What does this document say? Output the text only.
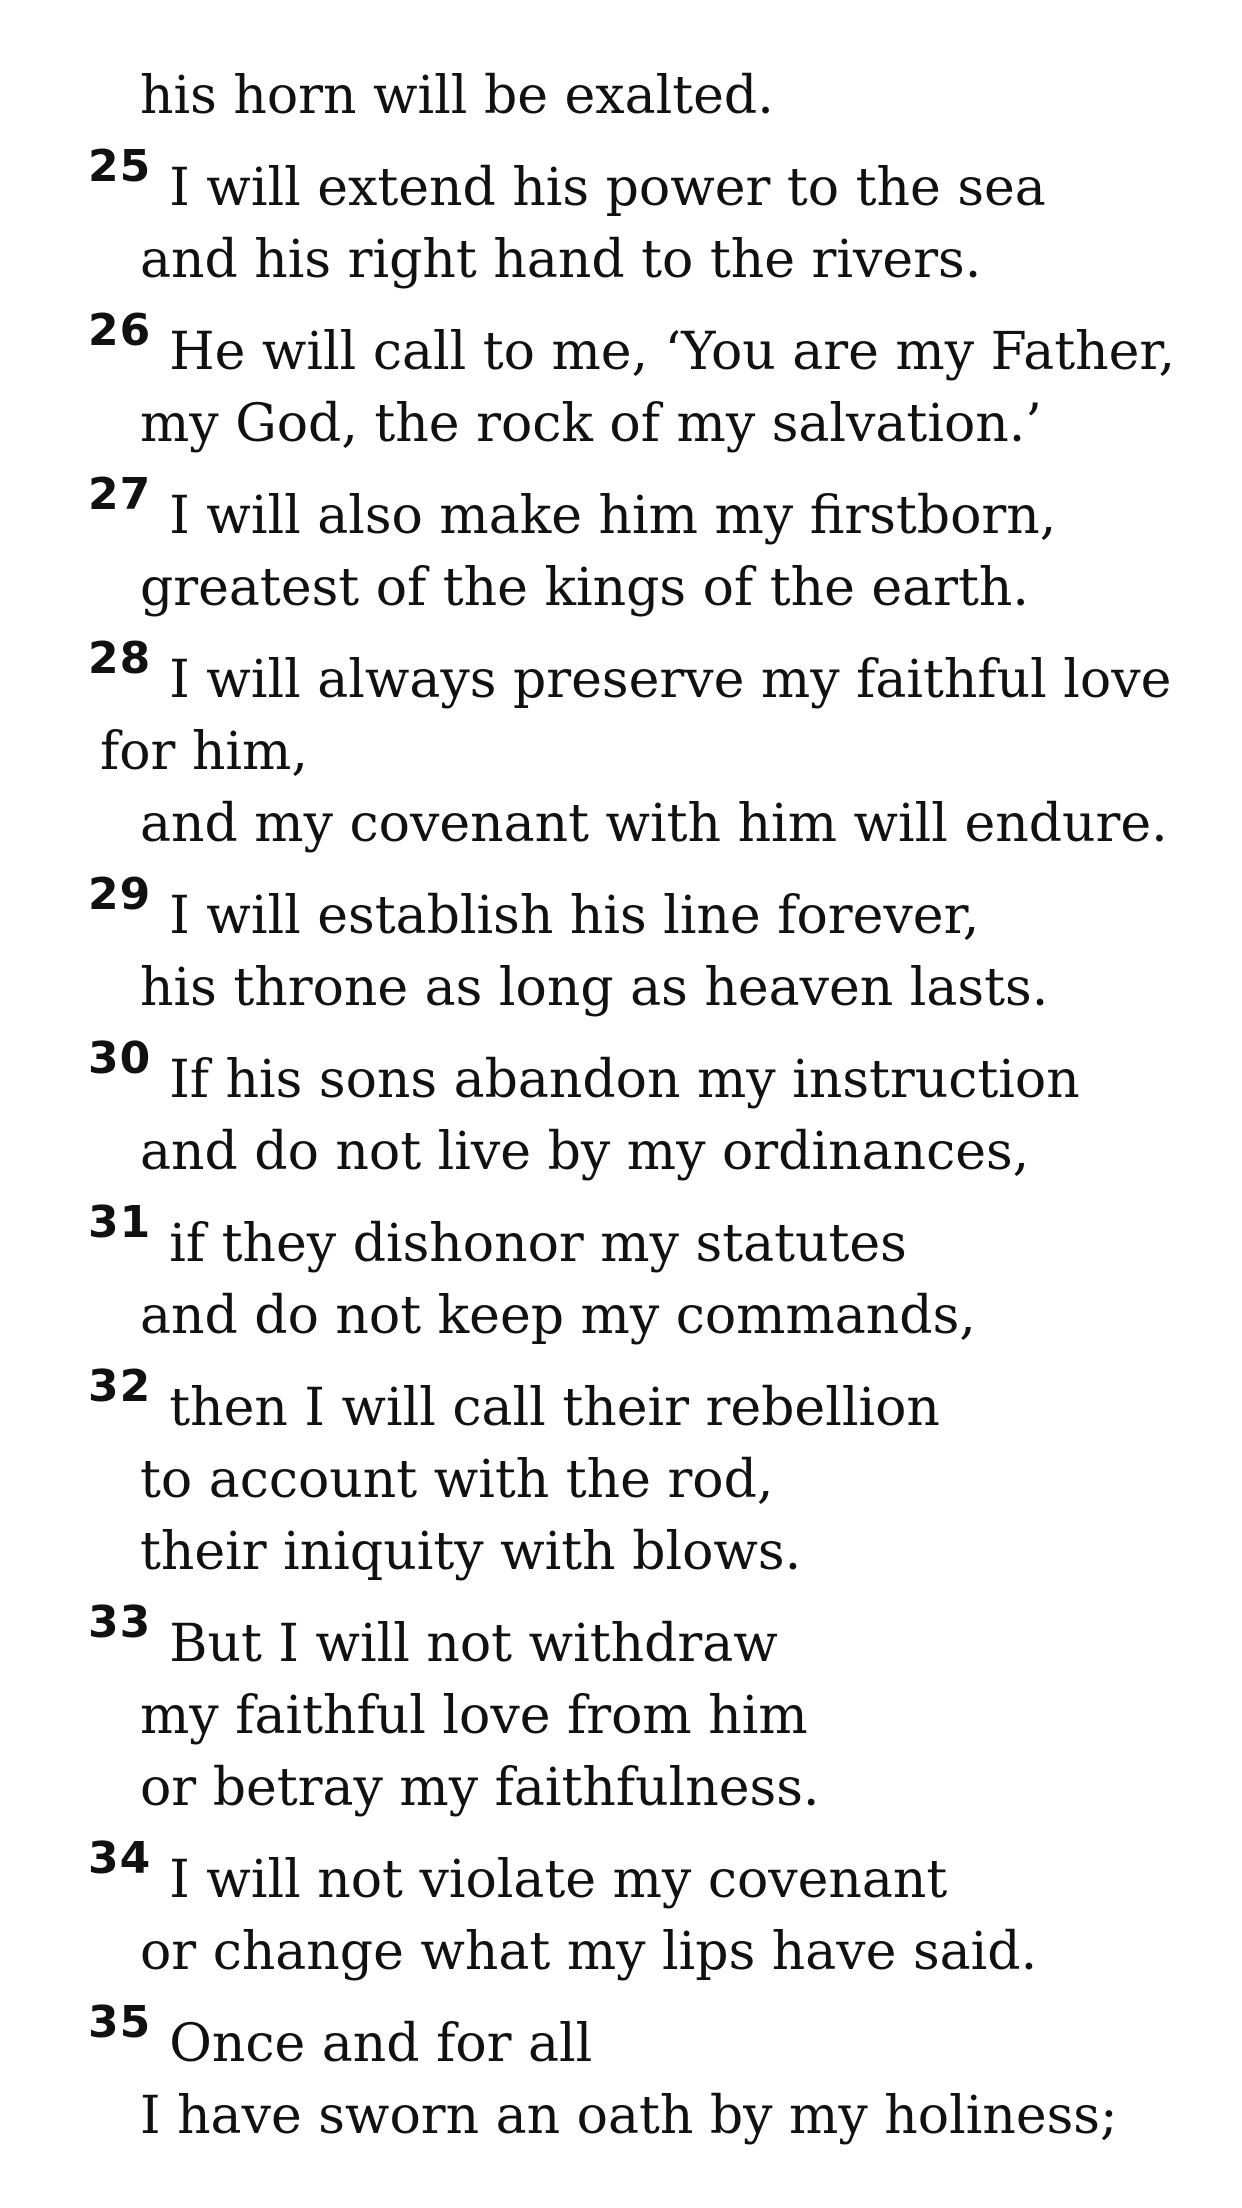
his horn will be exalted.
$^{25}$ I will extend his power to the sea
and his right hand to the rivers.
$^{26}$ He will call to me, ‘You are my Father,
my God, the rock of my salvation.’
$^{27}$ I will also make him my firstborn,
greatest of the kings of the earth.
$^{28}$ I will always preserve my faithful love
for him,
and my covenant with him will endure.
$^{29}$ I will establish his line forever,
his throne as long as heaven lasts.
$^{30}$ If his sons abandon my instruction
and do not live by my ordinances,
$^{31}$ if they dishonor my statutes
and do not keep my commands,
$^{32}$ then I will call their rebellion
to account with the rod,
their iniquity with blows.
$^{33}$ But I will not withdraw
my faithful love from him
or betray my faithfulness.
$^{34}$ I will not violate my covenant
or change what my lips have said.
$^{35}$ Once and for all
I have sworn an oath by my holiness;
